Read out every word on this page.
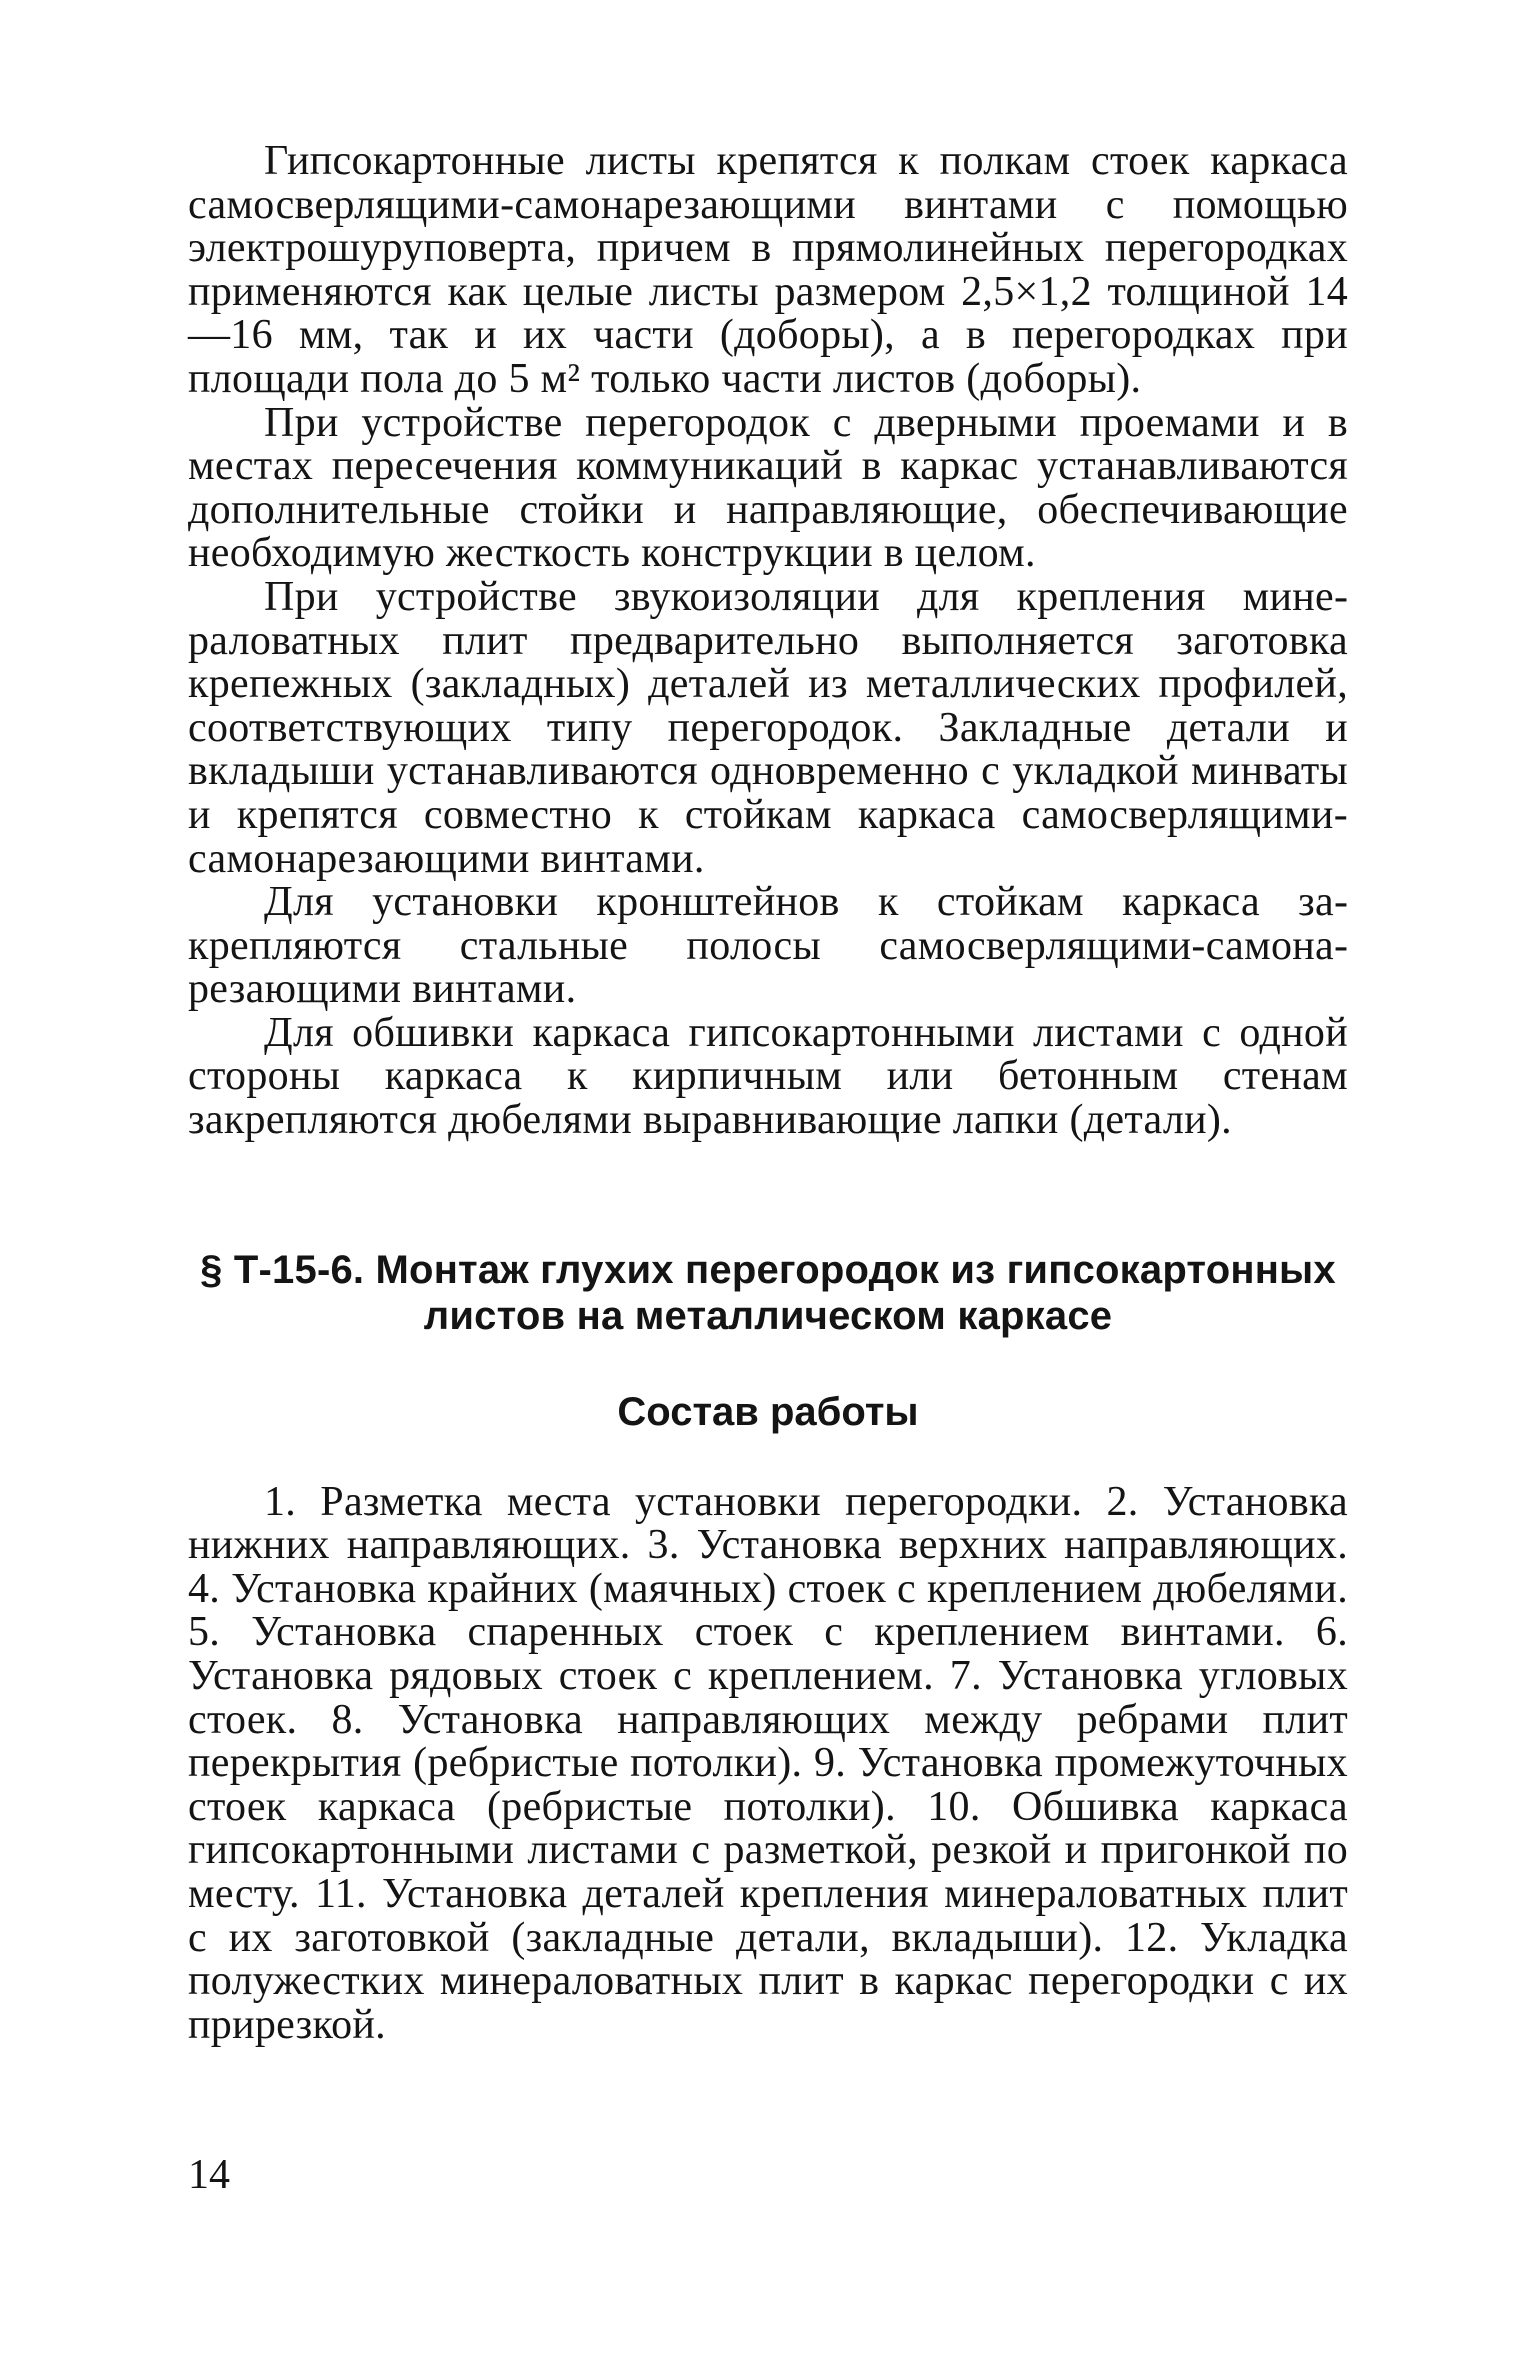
Гипсокартонные листы крепятся к полкам стоек каркаса самосверлящими-самонарезающими винтами с помощью электрошуруповерта, причем в прямолинейных перегородках применяются как целые листы размером 2,5×1,2 толщиной 14—16 мм, так и их части (доборы), а в перегородках при площади пола до 5 м² только части листов (доборы).

При устройстве перегородок с дверными проемами и в местах пересечения коммуникаций в каркас устанавливаются дополнительные стойки и направляющие, обеспечивающие необходимую жесткость конструкции в целом.

При устройстве звукоизоляции для крепления минераловатных плит предварительно выполняется заготовка крепежных (закладных) деталей из металлических профилей, соответствующих типу перегородок. Закладные детали и вкладыши устанавливаются одновременно с укладкой минваты и крепятся совместно к стойкам каркаса самосверлящими-самонарезающими винтами.

Для установки кронштейнов к стойкам каркаса закрепляются стальные полосы самосверлящими-самонарезающими винтами.

Для обшивки каркаса гипсокартонными листами с одной стороны каркаса к кирпичным или бетонным стенам закрепляются дюбелями выравнивающие лапки (детали).

§ Т-15-6. Монтаж глухих перегородок из гипсокартонных
листов на металлическом каркасе
Состав работы

1. Разметка места установки перегородки. 2. Установка нижних направляющих. 3. Установка верхних направляющих. 4. Установка крайних (маячных) стоек с креплением дюбелями. 5. Установка спаренных стоек с креплением винтами. 6. Установка рядовых стоек с креплением. 7. Установка угловых стоек. 8. Установка направляющих между ребрами плит перекрытия (ребристые потолки). 9. Установка промежуточных стоек каркаса (ребристые потолки). 10. Обшивка каркаса гипсокартонными листами с разметкой, резкой и пригонкой по месту. 11. Установка деталей крепления минераловатных плит с их заготовкой (закладные детали, вкладыши). 12. Укладка полужестких минераловатных плит в каркас перегородки с их прирезкой.

14
